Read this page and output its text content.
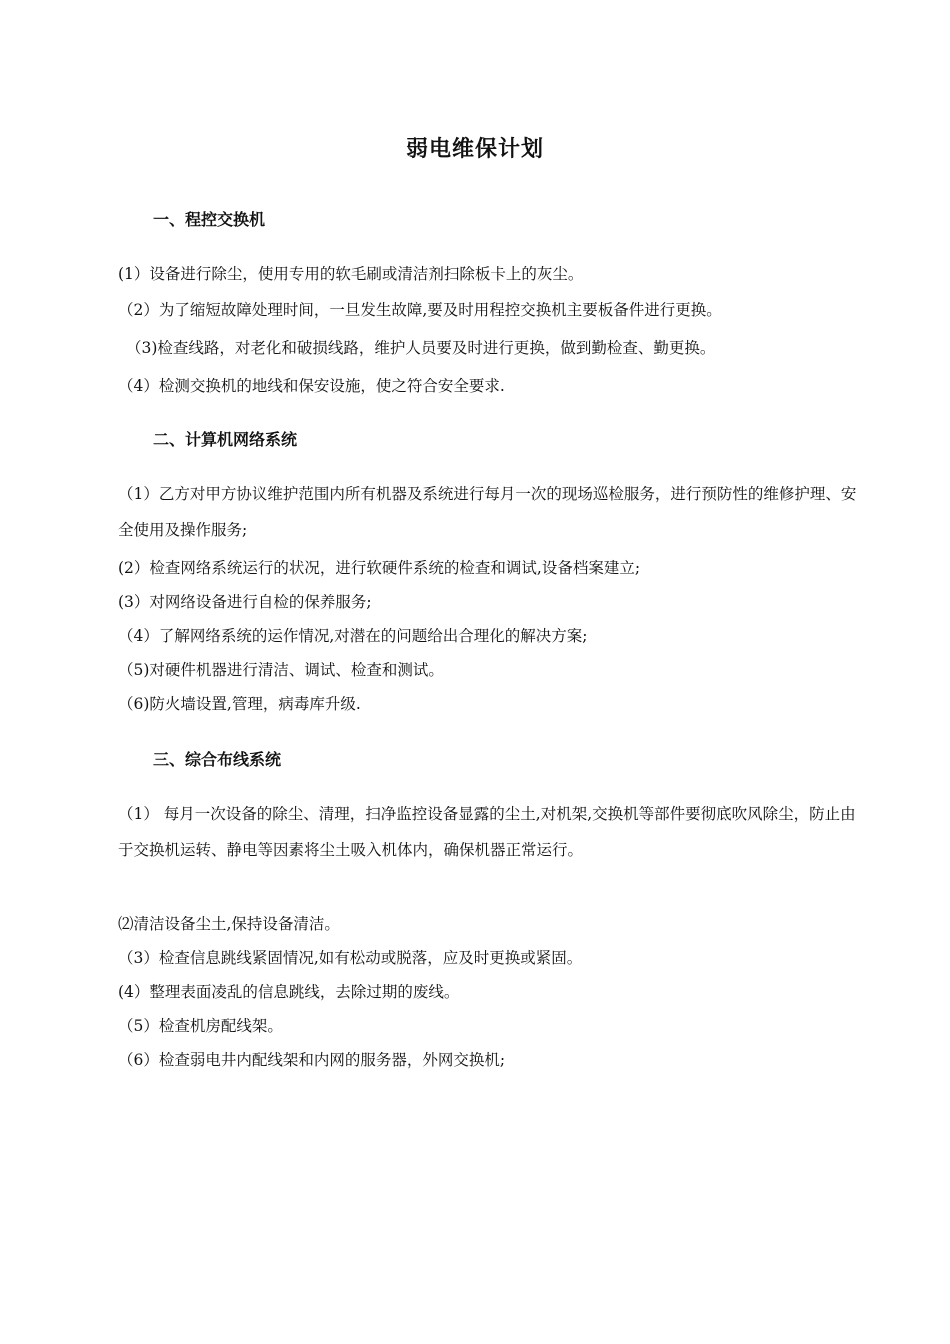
弱电维保计划
一、程控交换机
(1）设备进行除尘，使用专用的软毛刷或清洁剂扫除板卡上的灰尘。
（2）为了缩短故障处理时间，一旦发生故障,要及时用程控交换机主要板备件进行更换。
（3)检查线路，对老化和破损线路，维护人员要及时进行更换，做到勤检查、勤更换。
（4）检测交换机的地线和保安设施，使之符合安全要求.
二、计算机网络系统
（1）乙方对甲方协议维护范围内所有机器及系统进行每月一次的现场巡检服务，进行预防性的维修护理、安全使用及操作服务;
(2）检查网络系统运行的状况，进行软硬件系统的检查和调试,设备档案建立;
(3）对网络设备进行自检的保养服务;
（4）了解网络系统的运作情况,对潜在的问题给出合理化的解决方案;
（5)对硬件机器进行清洁、调试、检查和测试。
（6)防火墙设置,管理，病毒库升级.
三、综合布线系统
（1） 每月一次设备的除尘、清理，扫净监控设备显露的尘土,对机架,交换机等部件要彻底吹风除尘，防止由于交换机运转、静电等因素将尘土吸入机体内，确保机器正常运行。
⑵清洁设备尘土,保持设备清洁。
（3）检查信息跳线紧固情况,如有松动或脱落，应及时更换或紧固。
(4）整理表面凌乱的信息跳线，去除过期的废线。
（5）检查机房配线架。
（6）检查弱电井内配线架和内网的服务器，外网交换机;
